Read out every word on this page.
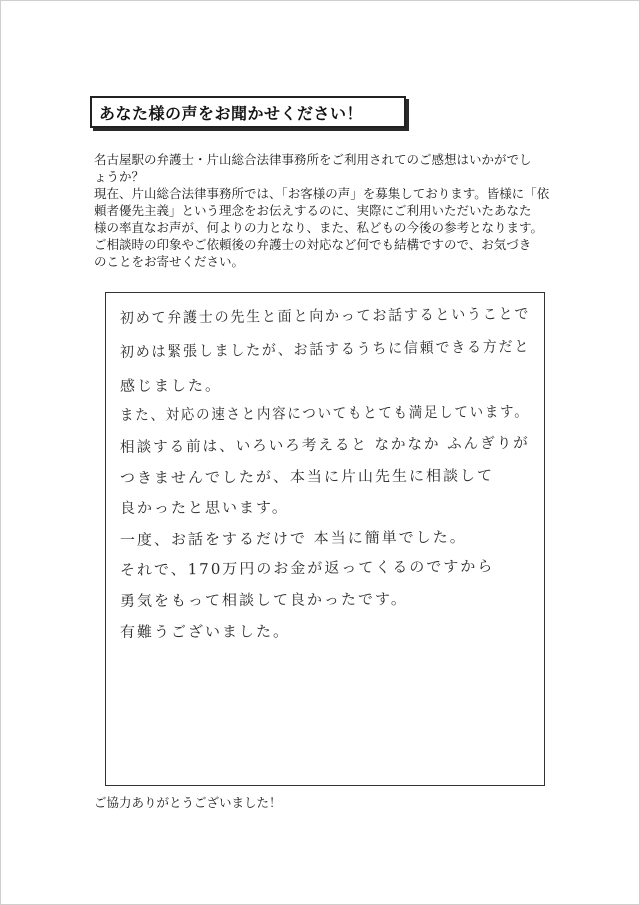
あなた様の声をお聞かせください！

名古屋駅の弁護士・片山総合法律事務所をご利用されてのご感想はいかがでし

ょうか？

現在、片山総合法律事務所では、「お客様の声」を募集しております。皆様に「依

頼者優先主義」という理念をお伝えするのに、実際にご利用いただいたあなた

様の率直なお声が、何よりの力となり、また、私どもの今後の参考となります。

ご相談時の印象やご依頼後の弁護士の対応など何でも結構ですので、お気づき

のことをお寄せください。

初めて弁護士の先生と面と向かってお話するということで
初めは緊張しましたが、お話するうちに信頼できる方だと
感じました。
また、対応の速さと内容についてもとても満足しています。
相談する前は、いろいろ考えると なかなか ふんぎりが
つきませんでしたが、本当に片山先生に相談して
良かったと思います。
一度、お話をするだけで 本当に簡単でした。
それで、170万円のお金が返ってくるのですから
勇気をもって相談して良かったです。
有難うございました。
ご協力ありがとうございました！
